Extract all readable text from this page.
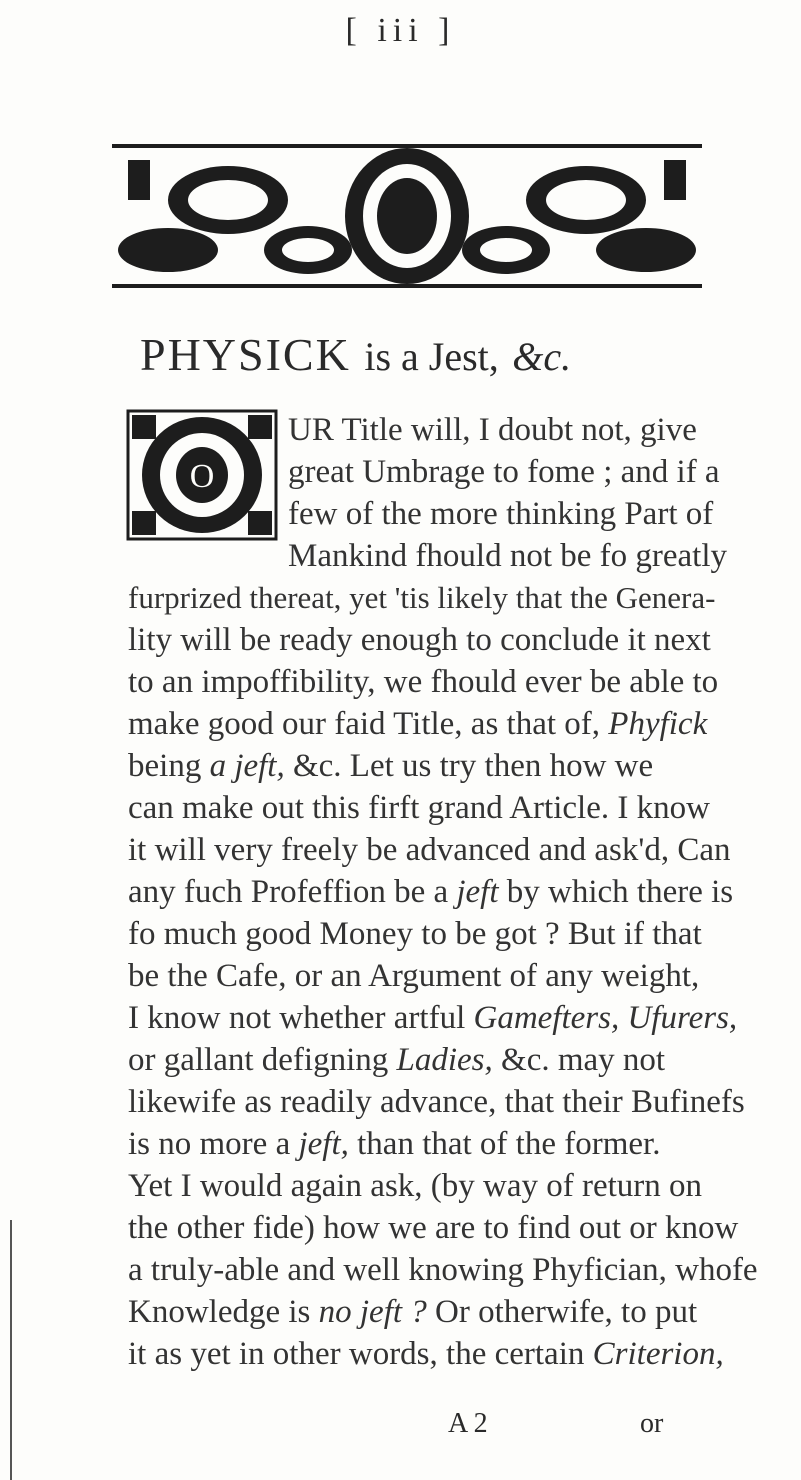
[ iii ]
PHYSICK is a Jest, &c.
O
UR Title will, I doubt not, give
great Umbrage to fome ; and if a
few of the more thinking Part of
Mankind fhould not be fo greatly
furprized thereat, yet 'tis likely that the Genera-
lity will be ready enough to conclude it next
to an impoffibility, we fhould ever be able to
make good our faid Title, as that of, Phyfick
being a jeft, &c. Let us try then how we
can make out this firft grand Article. I know
it will very freely be advanced and ask'd, Can
any fuch Profeffion be a jeft by which there is
fo much good Money to be got ? But if that
be the Cafe, or an Argument of any weight,
I know not whether artful Gamefters, Ufurers,
or gallant defigning Ladies, &c. may not
likewife as readily advance, that their Bufinefs
is no more a jeft, than that of the former.
Yet I would again ask, (by way of return on
the other fide) how we are to find out or know
a truly-able and well knowing Phyfician, whofe
Knowledge is no jeft ? Or otherwife, to put
it as yet in other words, the certain Criterion,
A 2	or
